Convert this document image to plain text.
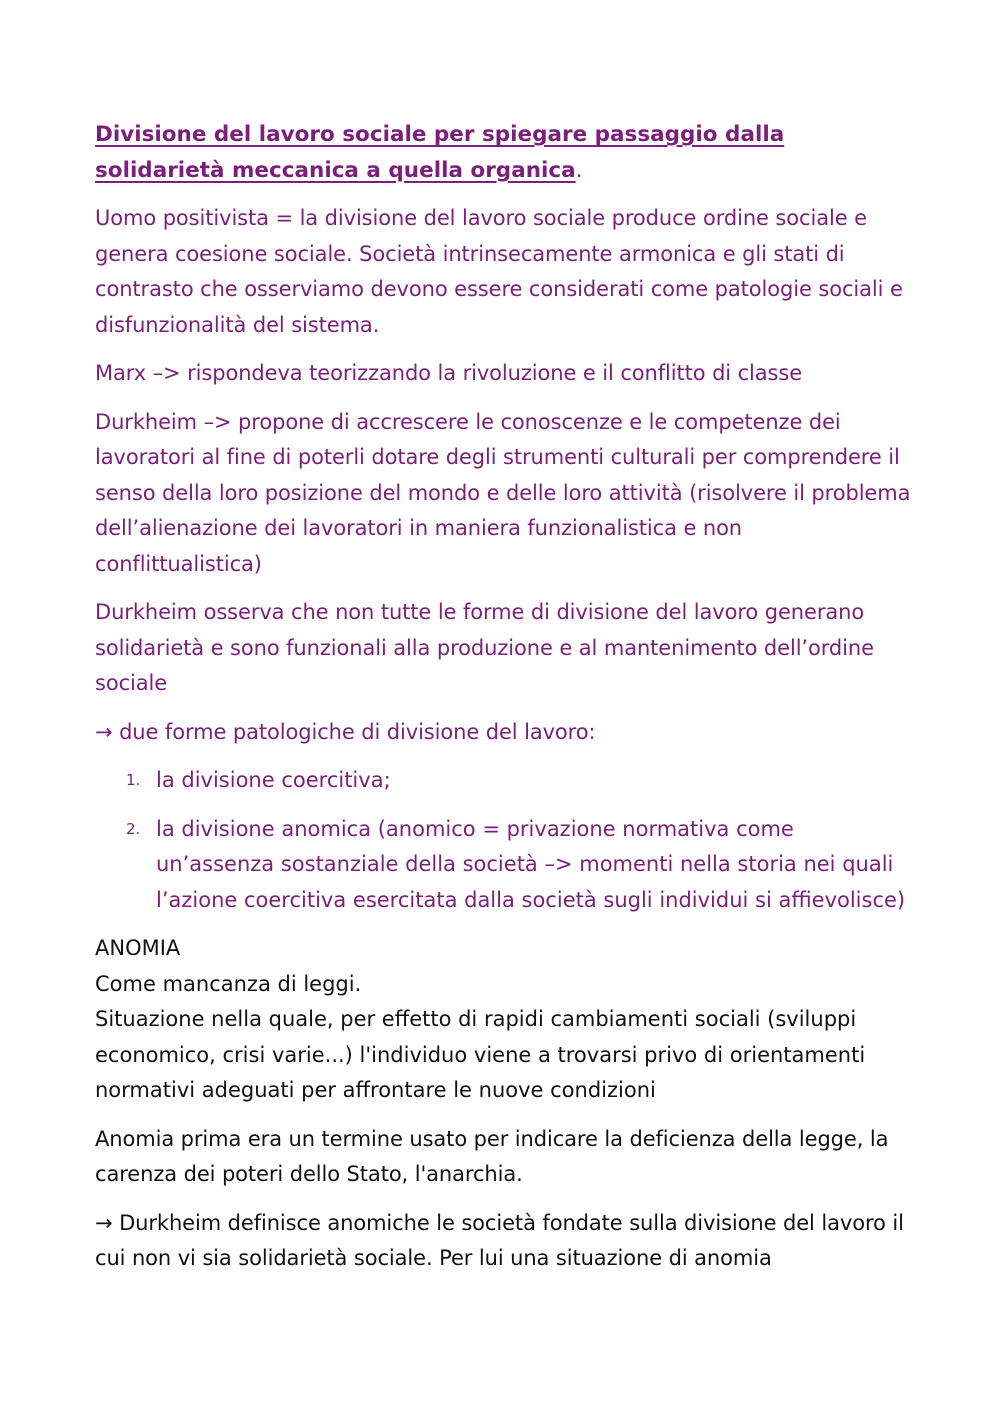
Divisione del lavoro sociale per spiegare passaggio dalla solidarietà meccanica a quella organica.

Uomo positivista = la divisione del lavoro sociale produce ordine sociale e genera coesione sociale. Società intrinsecamente armonica e gli stati di contrasto che osserviamo devono essere considerati come patologie sociali e disfunzionalità del sistema.

Marx –> rispondeva teorizzando la rivoluzione e il conflitto di classe

Durkheim –> propone di accrescere le conoscenze e le competenze dei lavoratori al fine di poterli dotare degli strumenti culturali per comprendere il senso della loro posizione del mondo e delle loro attività (risolvere il problema dell’alienazione dei lavoratori in maniera funzionalistica e non conflittualistica)

Durkheim osserva che non tutte le forme di divisione del lavoro generano solidarietà e sono funzionali alla produzione e al mantenimento dell’ordine sociale

→ due forme patologiche di divisione del lavoro:

1. la divisione coercitiva;
2. la divisione anomica (anomico = privazione normativa come un’assenza sostanziale della società –> momenti nella storia nei quali l’azione coercitiva esercitata dalla società sugli individui si affievolisce)
ANOMIA
Come mancanza di leggi.
Situazione nella quale, per effetto di rapidi cambiamenti sociali (sviluppi economico, crisi varie...) l'individuo viene a trovarsi privo di orientamenti normativi adeguati per affrontare le nuove condizioni

Anomia prima era un termine usato per indicare la deficienza della legge, la carenza dei poteri dello Stato, l'anarchia.

→ Durkheim definisce anomiche le società fondate sulla divisione del lavoro il cui non vi sia solidarietà sociale. Per lui una situazione di anomia
